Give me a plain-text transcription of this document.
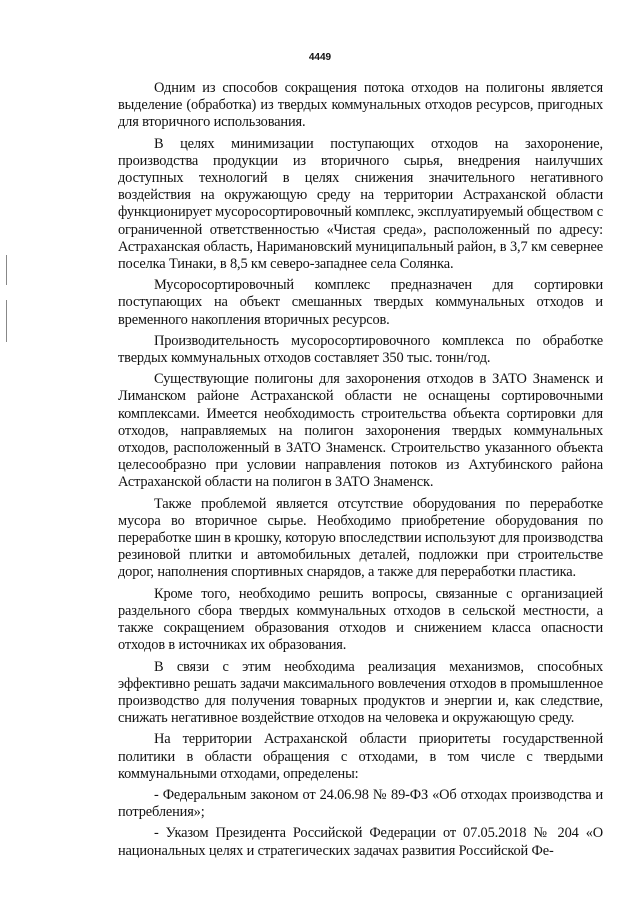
4449

Одним из способов сокращения потока отходов на полигоны является выделение (обработка) из твердых коммунальных отходов ресурсов, пригодных для вторичного использования.

В целях минимизации поступающих отходов на захоронение, производства продукции из вторичного сырья, внедрения наилучших доступных технологий в целях снижения значительного негативного воздействия на окружающую среду на территории Астраханской области функционирует мусоросортировочный комплекс, эксплуатируемый обществом с ограниченной ответственностью «Чистая среда», расположенный по адресу: Астраханская область, Наримановский муниципальный район, в 3,7 км севернее поселка Тинаки, в 8,5 км северо-западнее села Солянка.

Мусоросортировочный комплекс предназначен для сортировки поступающих на объект смешанных твердых коммунальных отходов и временного накопления вторичных ресурсов.

Производительность мусоросортировочного комплекса по обработке твердых коммунальных отходов составляет 350 тыс. тонн/год.

Существующие полигоны для захоронения отходов в ЗАТО Знаменск и Лиманском районе Астраханской области не оснащены сортировочными комплексами. Имеется необходимость строительства объекта сортировки для отходов, направляемых на полигон захоронения твердых коммунальных отходов, расположенный в ЗАТО Знаменск. Строительство указанного объекта целесообразно при условии направления потоков из Ахтубинского района Астраханской области на полигон в ЗАТО Знаменск.

Также проблемой является отсутствие оборудования по переработке мусора во вторичное сырье. Необходимо приобретение оборудования по переработке шин в крошку, которую впоследствии используют для производства резиновой плитки и автомобильных деталей, подложки при строительстве дорог, наполнения спортивных снарядов, а также для переработки пластика.

Кроме того, необходимо решить вопросы, связанные с организацией раздельного сбора твердых коммунальных отходов в сельской местности, а также сокращением образования отходов и снижением класса опасности отходов в источниках их образования.

В связи с этим необходима реализация механизмов, способных эффективно решать задачи максимального вовлечения отходов в промышленное производство для получения товарных продуктов и энергии и, как следствие, снижать негативное воздействие отходов на человека и окружающую среду.

На территории Астраханской области приоритеты государственной политики в области обращения с отходами, в том числе с твердыми коммунальными отходами, определены:

- Федеральным законом от 24.06.98 № 89-ФЗ «Об отходах производства и потребления»;

- Указом Президента Российской Федерации от 07.05.2018 № 204 «О национальных целях и стратегических задачах развития Российской Фе-
